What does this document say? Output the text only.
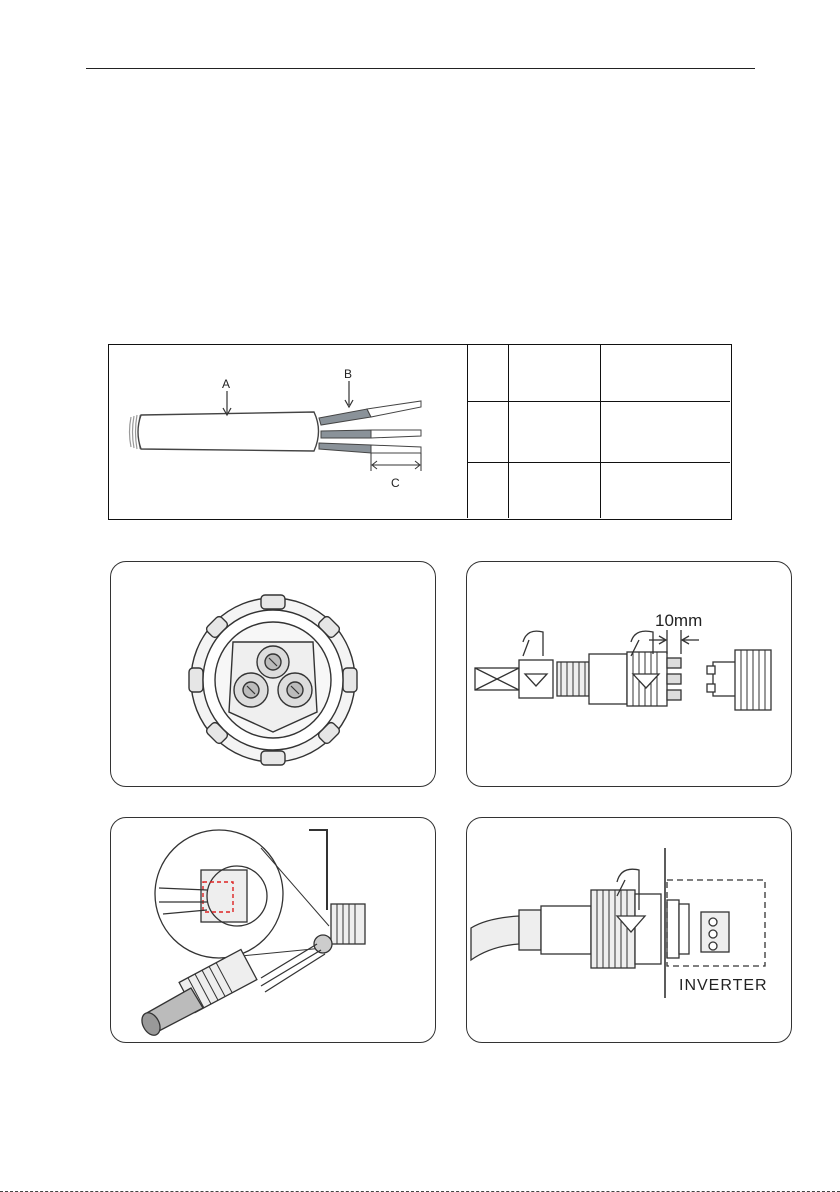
A
B
C

10mm
INVERTER
